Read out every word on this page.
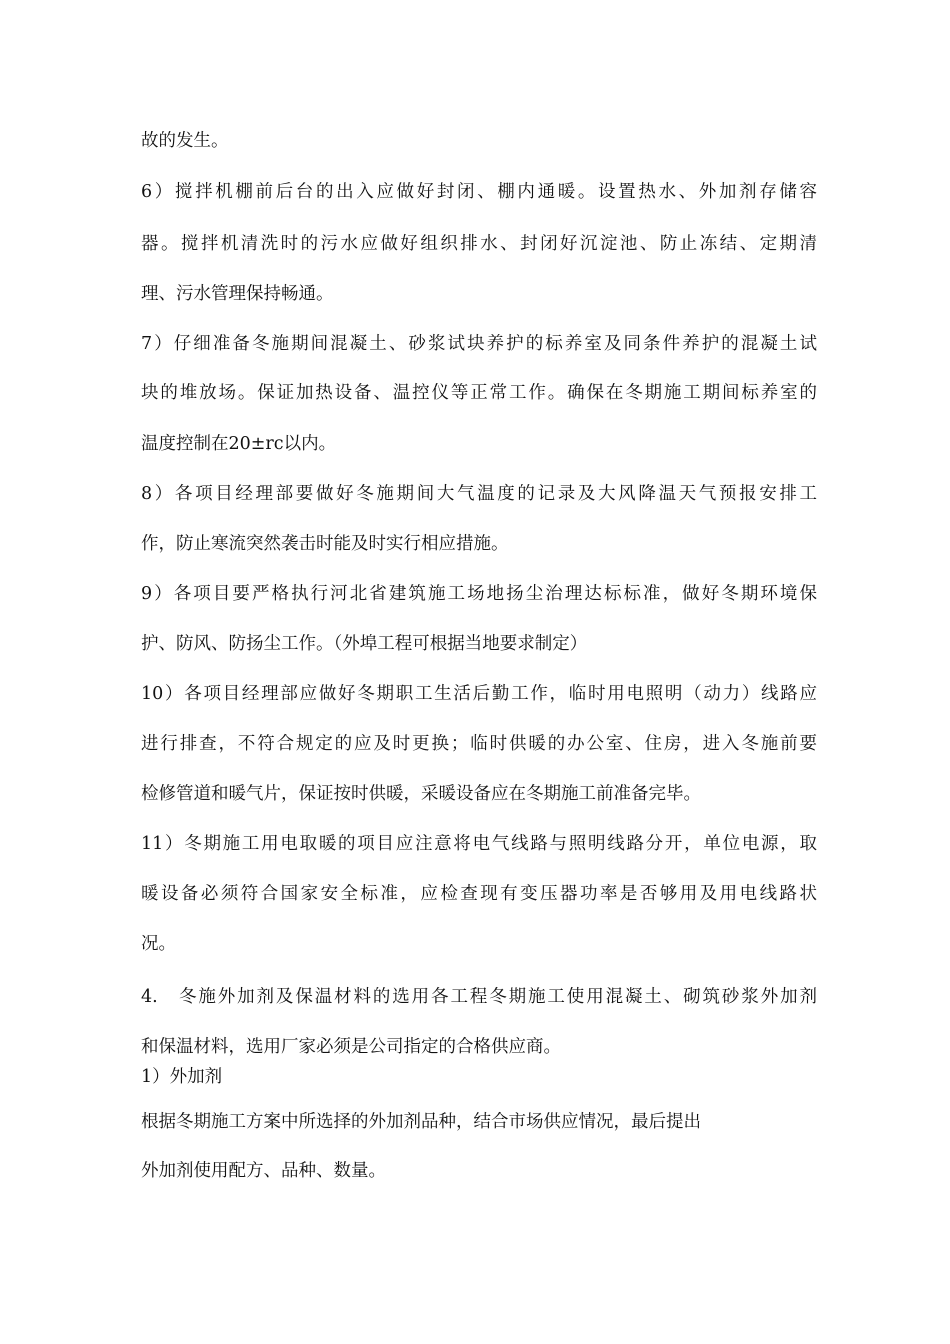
故的发生。
6）搅拌机棚前后台的出入应做好封闭、棚内通暖。设置热水、外加剂存储容
器。搅拌机清洗时的污水应做好组织排水、封闭好沉淀池、防止冻结、定期清
理、污水管理保持畅通。
7）仔细准备冬施期间混凝土、砂浆试块养护的标养室及同条件养护的混凝土试
块的堆放场。保证加热设备、温控仪等正常工作。确保在冬期施工期间标养室的
温度控制在20±rc以内。
8）各项目经理部要做好冬施期间大气温度的记录及大风降温天气预报安排工
作，防止寒流突然袭击时能及时实行相应措施。
9）各项目要严格执行河北省建筑施工场地扬尘治理达标标准，做好冬期环境保
护、防风、防扬尘工作。（外埠工程可根据当地要求制定）
10）各项目经理部应做好冬期职工生活后勤工作，临时用电照明（动力）线路应
进行排查，不符合规定的应及时更换；临时供暖的办公室、住房，进入冬施前要
检修管道和暖气片，保证按时供暖，采暖设备应在冬期施工前准备完毕。
11）冬期施工用电取暖的项目应注意将电气线路与照明线路分开，单位电源，取
暖设备必须符合国家安全标准，应检查现有变压器功率是否够用及用电线路状
况。
4.　冬施外加剂及保温材料的选用各工程冬期施工使用混凝土、砌筑砂浆外加剂
和保温材料，选用厂家必须是公司指定的合格供应商。
1）外加剂
根据冬期施工方案中所选择的外加剂品种，结合市场供应情况，最后提出
外加剂使用配方、品种、数量。
